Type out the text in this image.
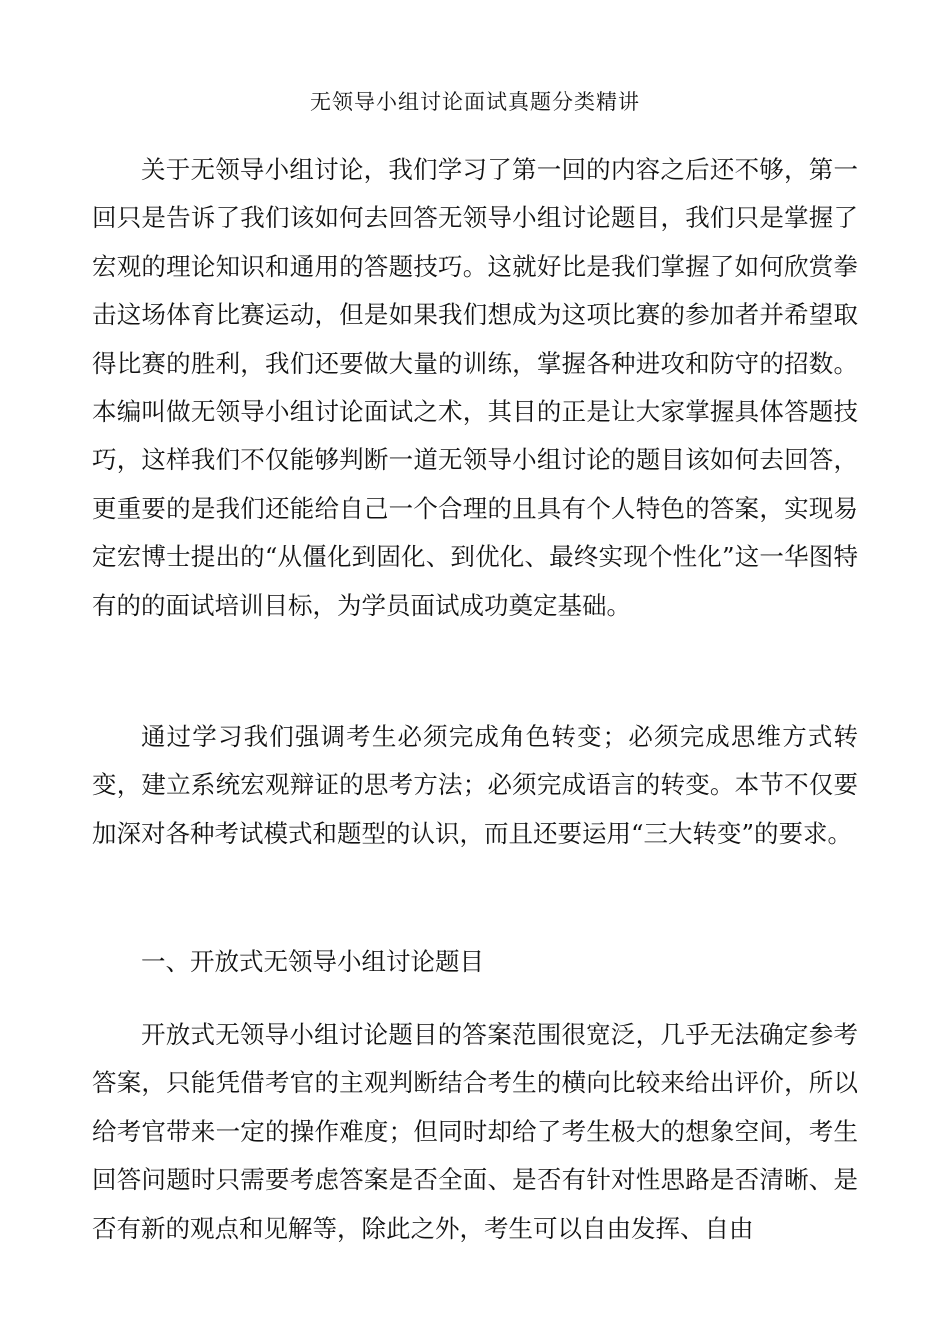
无领导小组讨论面试真题分类精讲

关于无领导小组讨论，我们学习了第一回的内容之后还不够，第一回只是告诉了我们该如何去回答无领导小组讨论题目，我们只是掌握了宏观的理论知识和通用的答题技巧。这就好比是我们掌握了如何欣赏拳击这场体育比赛运动，但是如果我们想成为这项比赛的参加者并希望取得比赛的胜利，我们还要做大量的训练，掌握各种进攻和防守的招数。本编叫做无领导小组讨论面试之术，其目的正是让大家掌握具体答题技巧，这样我们不仅能够判断一道无领导小组讨论的题目该如何去回答，更重要的是我们还能给自己一个合理的且具有个人特色的答案，实现易定宏博士提出的“从僵化到固化、到优化、最终实现个性化”这一华图特有的的面试培训目标，为学员面试成功奠定基础。

通过学习我们强调考生必须完成角色转变；必须完成思维方式转变，建立系统宏观辩证的思考方法；必须完成语言的转变。本节不仅要加深对各种考试模式和题型的认识，而且还要运用“三大转变”的要求。

一、开放式无领导小组讨论题目

开放式无领导小组讨论题目的答案范围很宽泛，几乎无法确定参考答案，只能凭借考官的主观判断结合考生的横向比较来给出评价，所以给考官带来一定的操作难度；但同时却给了考生极大的想象空间，考生回答问题时只需要考虑答案是否全面、是否有针对性思路是否清晰、是否有新的观点和见解等，除此之外，考生可以自由发挥、自由
